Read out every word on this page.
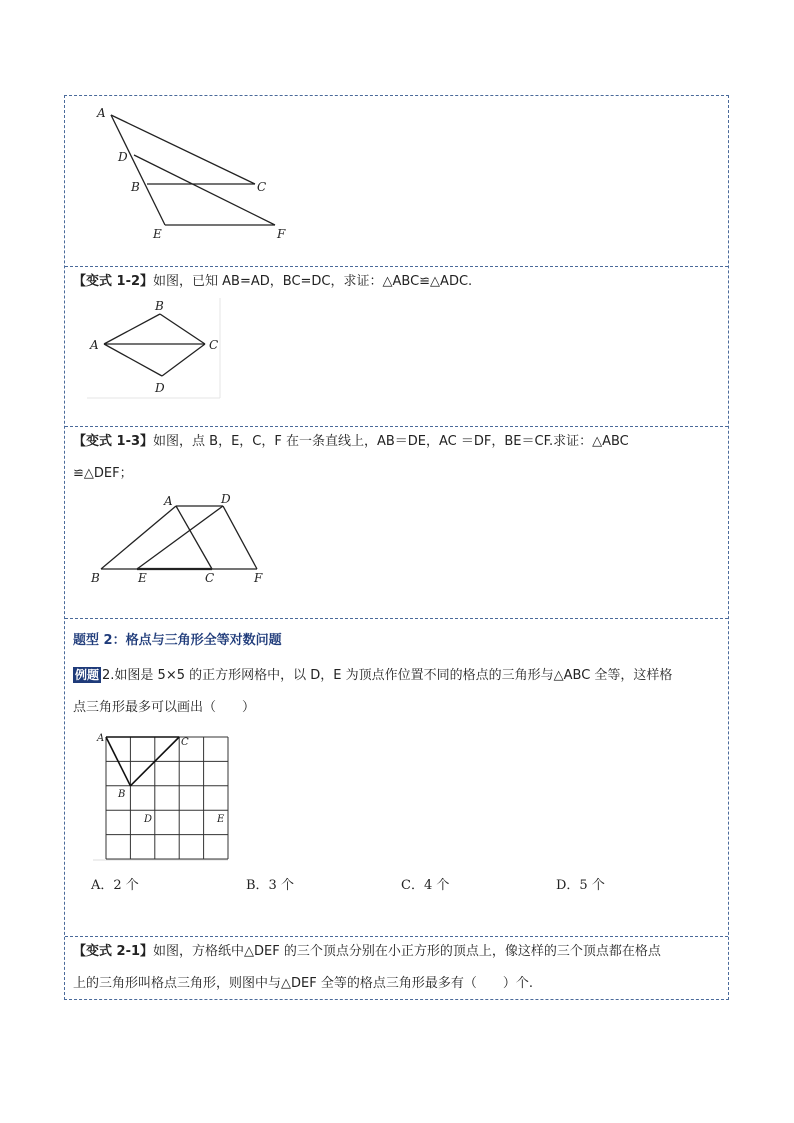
A
D
B	C
E	F
【变式 1-2】如图，已知 AB=AD，BC=DC，求证：△ABC≌△ADC.
B
A	C
D
【变式 1-3】如图，点 B，E，C，F 在一条直线上，AB＝DE，AC ＝DF，BE＝CF.求证：△ABC
≌△DEF；
A	D
B	E	C	F
题型 2：格点与三角形全等对数问题
例题 2.如图是 5×5 的正方形网格中，以 D，E 为顶点作位置不同的格点的三角形与△ABC 全等，这样格
点三角形最多可以画出（　　）
A	C
B
D	E
A．2 个	B．3 个	C．4 个	D．5 个
【变式 2-1】如图，方格纸中△DEF 的三个顶点分别在小正方形的顶点上，像这样的三个顶点都在格点
上的三角形叫格点三角形，则图中与△DEF 全等的格点三角形最多有（　　）个.
